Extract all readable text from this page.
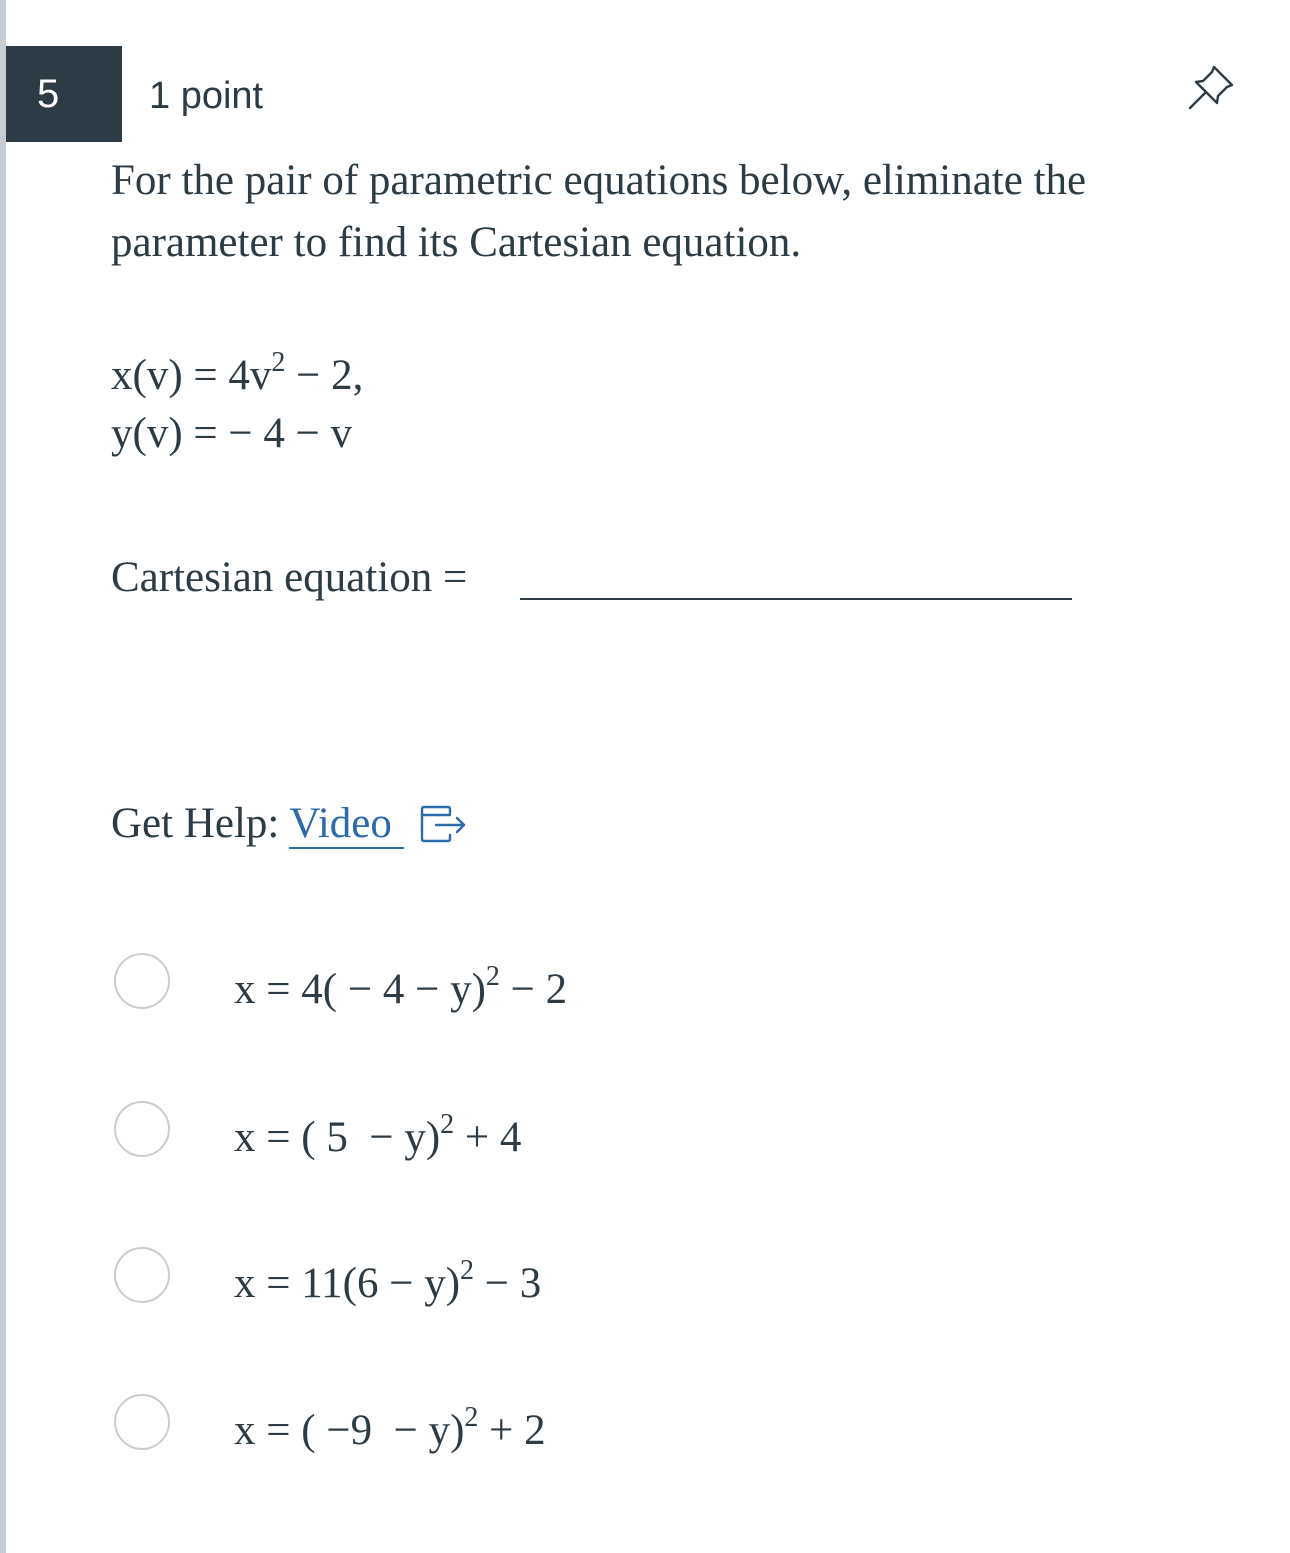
5	1 point
For the pair of parametric equations below, eliminate the parameter to find its Cartesian equation.
$x(v) = 4v^2 - 2$,
y(v) = − 4 − v
Cartesian equation =
Get Help: Video
$x = 4( - 4 - y)^2 - 2$
x = ( 5  − y)$^2$ + 4
$x = 11(6 - y)^2 - 3$
x = ( −9  − y)$^2$ + 2
